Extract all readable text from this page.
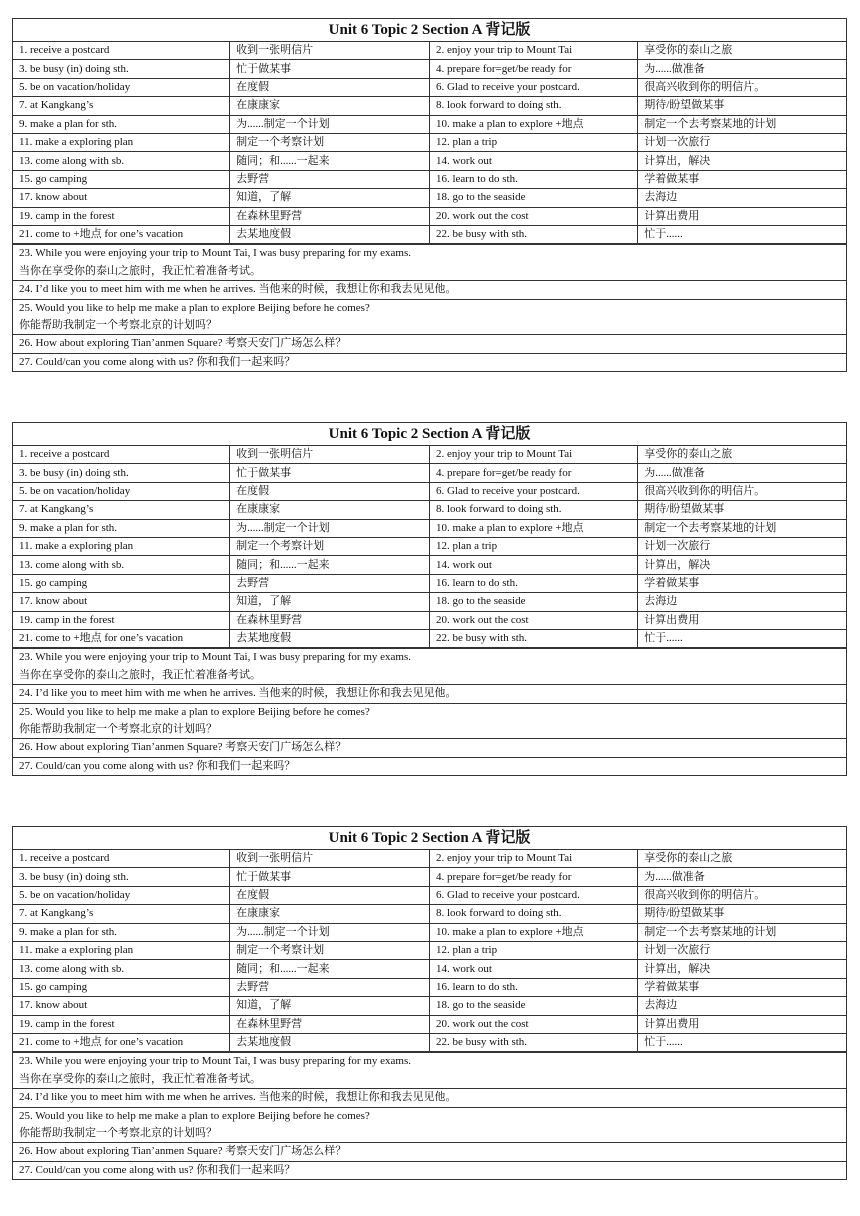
Unit 6 Topic 2 Section A 背记版
1. receive a postcard	收到一张明信片	2. enjoy your trip to Mount Tai	享受你的泰山之旅
3. be busy (in) doing sth.	忙于做某事	4. prepare for=get/be ready for	为......做准备
5. be on vacation/holiday	在度假	6. Glad to receive your postcard.	很高兴收到你的明信片。
7. at Kangkang’s	在康康家	8. look forward to doing sth.	期待/盼望做某事
9. make a plan for sth.	为......制定一个计划	10. make a plan to explore +地点	制定一个去考察某地的计划
11. make a exploring plan	制定一个考察计划	12. plan a trip	计划一次旅行
13. come along with sb.	随同；和......一起来	14. work out	计算出，解决
15. go camping	去野营	16. learn to do sth.	学着做某事
17. know about	知道，了解	18. go to the seaside	去海边
19. camp in the forest	在森林里野营	20. work out the cost	计算出费用
21. come to +地点 for one’s vacation	去某地度假	22. be busy with sth.	忙于......
23. While you were enjoying your trip to Mount Tai, I was busy preparing for my exams.
当你在享受你的泰山之旅时，我正忙着准备考试。
24. I’d like you to meet him with me when he arrives. 当他来的时候，我想让你和我去见见他。
25. Would you like to help me make a plan to explore Beijing before he comes?
你能帮助我制定一个考察北京的计划吗？
26. How about exploring Tian’anmen Square? 考察天安门广场怎么样？
27. Could/can you come along with us? 你和我们一起来吗？
Unit 6 Topic 2 Section A 背记版
1. receive a postcard	收到一张明信片	2. enjoy your trip to Mount Tai	享受你的泰山之旅
3. be busy (in) doing sth.	忙于做某事	4. prepare for=get/be ready for	为......做准备
5. be on vacation/holiday	在度假	6. Glad to receive your postcard.	很高兴收到你的明信片。
7. at Kangkang’s	在康康家	8. look forward to doing sth.	期待/盼望做某事
9. make a plan for sth.	为......制定一个计划	10. make a plan to explore +地点	制定一个去考察某地的计划
11. make a exploring plan	制定一个考察计划	12. plan a trip	计划一次旅行
13. come along with sb.	随同；和......一起来	14. work out	计算出，解决
15. go camping	去野营	16. learn to do sth.	学着做某事
17. know about	知道，了解	18. go to the seaside	去海边
19. camp in the forest	在森林里野营	20. work out the cost	计算出费用
21. come to +地点 for one’s vacation	去某地度假	22. be busy with sth.	忙于......
23. While you were enjoying your trip to Mount Tai, I was busy preparing for my exams.
当你在享受你的泰山之旅时，我正忙着准备考试。
24. I’d like you to meet him with me when he arrives. 当他来的时候，我想让你和我去见见他。
25. Would you like to help me make a plan to explore Beijing before he comes?
你能帮助我制定一个考察北京的计划吗？
26. How about exploring Tian’anmen Square? 考察天安门广场怎么样？
27. Could/can you come along with us? 你和我们一起来吗？
Unit 6 Topic 2 Section A 背记版
1. receive a postcard	收到一张明信片	2. enjoy your trip to Mount Tai	享受你的泰山之旅
3. be busy (in) doing sth.	忙于做某事	4. prepare for=get/be ready for	为......做准备
5. be on vacation/holiday	在度假	6. Glad to receive your postcard.	很高兴收到你的明信片。
7. at Kangkang’s	在康康家	8. look forward to doing sth.	期待/盼望做某事
9. make a plan for sth.	为......制定一个计划	10. make a plan to explore +地点	制定一个去考察某地的计划
11. make a exploring plan	制定一个考察计划	12. plan a trip	计划一次旅行
13. come along with sb.	随同；和......一起来	14. work out	计算出，解决
15. go camping	去野营	16. learn to do sth.	学着做某事
17. know about	知道，了解	18. go to the seaside	去海边
19. camp in the forest	在森林里野营	20. work out the cost	计算出费用
21. come to +地点 for one’s vacation	去某地度假	22. be busy with sth.	忙于......
23. While you were enjoying your trip to Mount Tai, I was busy preparing for my exams.
当你在享受你的泰山之旅时，我正忙着准备考试。
24. I’d like you to meet him with me when he arrives. 当他来的时候，我想让你和我去见见他。
25. Would you like to help me make a plan to explore Beijing before he comes?
你能帮助我制定一个考察北京的计划吗？
26. How about exploring Tian’anmen Square? 考察天安门广场怎么样？
27. Could/can you come along with us? 你和我们一起来吗？
